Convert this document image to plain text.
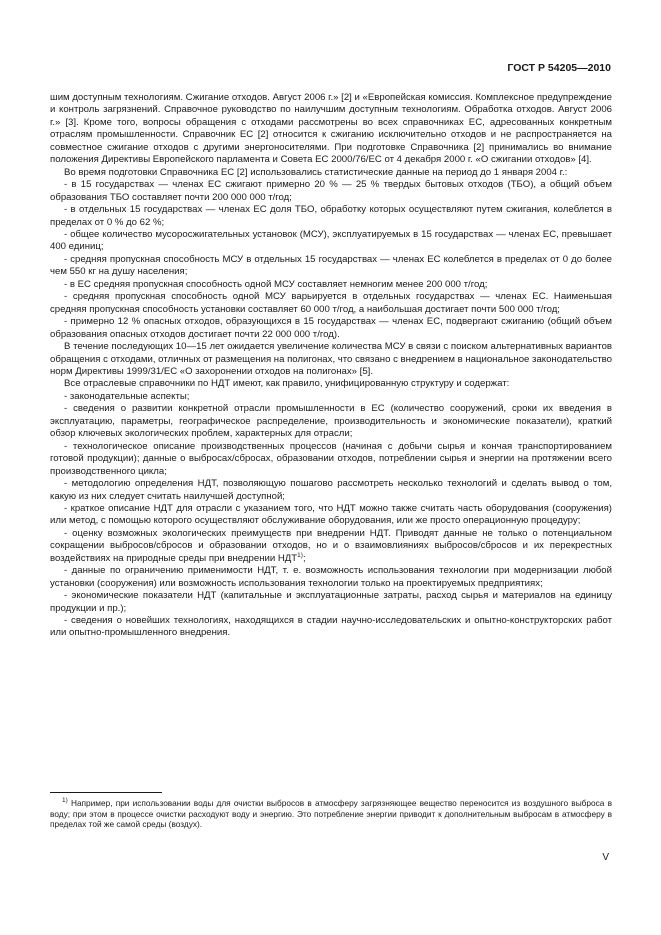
ГОСТ Р 54205—2010

шим доступным технологиям. Сжигание отходов. Август 2006 г.» [2] и «Европейская комиссия. Комплексное предупреждение и контроль загрязнений. Справочное руководство по наилучшим доступным технологиям. Обработка отходов. Август 2006 г.» [3]. Кроме того, вопросы обращения с отходами рассмотрены во всех справочниках ЕС, адресованных конкретным отраслям промышленности. Справочник ЕС [2] относится к сжиганию исключительно отходов и не распространяется на совместное сжигание отходов с другими энергоносителями. При подготовке Справочника [2] принимались во внимание положения Директивы Европейского парламента и Совета ЕС 2000/76/ЕС от 4 декабря 2000 г. «О сжигании отходов» [4].

Во время подготовки Справочника ЕС [2] использовались статистические данные на период до 1 января 2004 г.:

- в 15 государствах — членах ЕС сжигают примерно 20 % — 25 % твердых бытовых отходов (ТБО), а общий объем образования ТБО составляет почти 200 000 000 т/год;

- в отдельных 15 государствах — членах ЕС доля ТБО, обработку которых осуществляют путем сжигания, колеблется в пределах от 0 % до 62 %;

- общее количество мусоросжигательных установок (МСУ), эксплуатируемых в 15 государствах — членах ЕС, превышает 400 единиц;

- средняя пропускная способность МСУ в отдельных 15 государствах — членах ЕС колеблется в пределах от 0 до более чем 550 кг на душу населения;

- в ЕС средняя пропускная способность одной МСУ составляет немногим менее 200 000 т/год;

- средняя пропускная способность одной МСУ варьируется в отдельных государствах — членах ЕС. Наименьшая средняя пропускная способность установки составляет 60 000 т/год, а наибольшая достигает почти 500 000 т/год;

- примерно 12 % опасных отходов, образующихся в 15 государствах — членах ЕС, подвергают сжиганию (общий объем образования опасных отходов достигает почти 22 000 000 т/год).

В течение последующих 10—15 лет ожидается увеличение количества МСУ в связи с поиском альтернативных вариантов обращения с отходами, отличных от размещения на полигонах, что связано с внедрением в национальное законодательство норм Директивы 1999/31/ЕС «О захоронении отходов на полигонах» [5].

Все отраслевые справочники по НДТ имеют, как правило, унифицированную структуру и содержат:

- законодательные аспекты;

- сведения о развитии конкретной отрасли промышленности в ЕС (количество сооружений, сроки их введения в эксплуатацию, параметры, географическое распределение, производительность и экономические показатели), краткий обзор ключевых экологических проблем, характерных для отрасли;

- технологическое описание производственных процессов (начиная с добычи сырья и кончая транспортированием готовой продукции); данные о выбросах/сбросах, образовании отходов, потреблении сырья и энергии на протяжении всего производственного цикла;

- методологию определения НДТ, позволяющую пошагово рассмотреть несколько технологий и сделать вывод о том, какую из них следует считать наилучшей доступной;

- краткое описание НДТ для отрасли с указанием того, что НДТ можно также считать часть оборудования (сооружения) или метод, с помощью которого осуществляют обслуживание оборудования, или же просто операционную процедуру;

- оценку возможных экологических преимуществ при внедрении НДТ. Приводят данные не только о потенциальном сокращении выбросов/сбросов и образовании отходов, но и о взаимовлияниях выбросов/сбросов и их перекрестных воздействиях на природные среды при внедрении НДТ$^{1)}$;

- данные по ограничению применимости НДТ, т. е. возможность использования технологии при модернизации любой установки (сооружения) или возможность использования технологии только на проектируемых предприятиях;

- экономические показатели НДТ (капитальные и эксплуатационные затраты, расход сырья и материалов на единицу продукции и пр.);

- сведения о новейших технологиях, находящихся в стадии научно-исследовательских и опытно-конструкторских работ или опытно-промышленного внедрения.

$^{1)}$ Например, при использовании воды для очистки выбросов в атмосферу загрязняющее вещество переносится из воздушного выброса в воду; при этом в процессе очистки расходуют воду и энергию. Это потребление энергии приводит к дополнительным выбросам в атмосферу в пределах той же самой среды (воздух).

V
